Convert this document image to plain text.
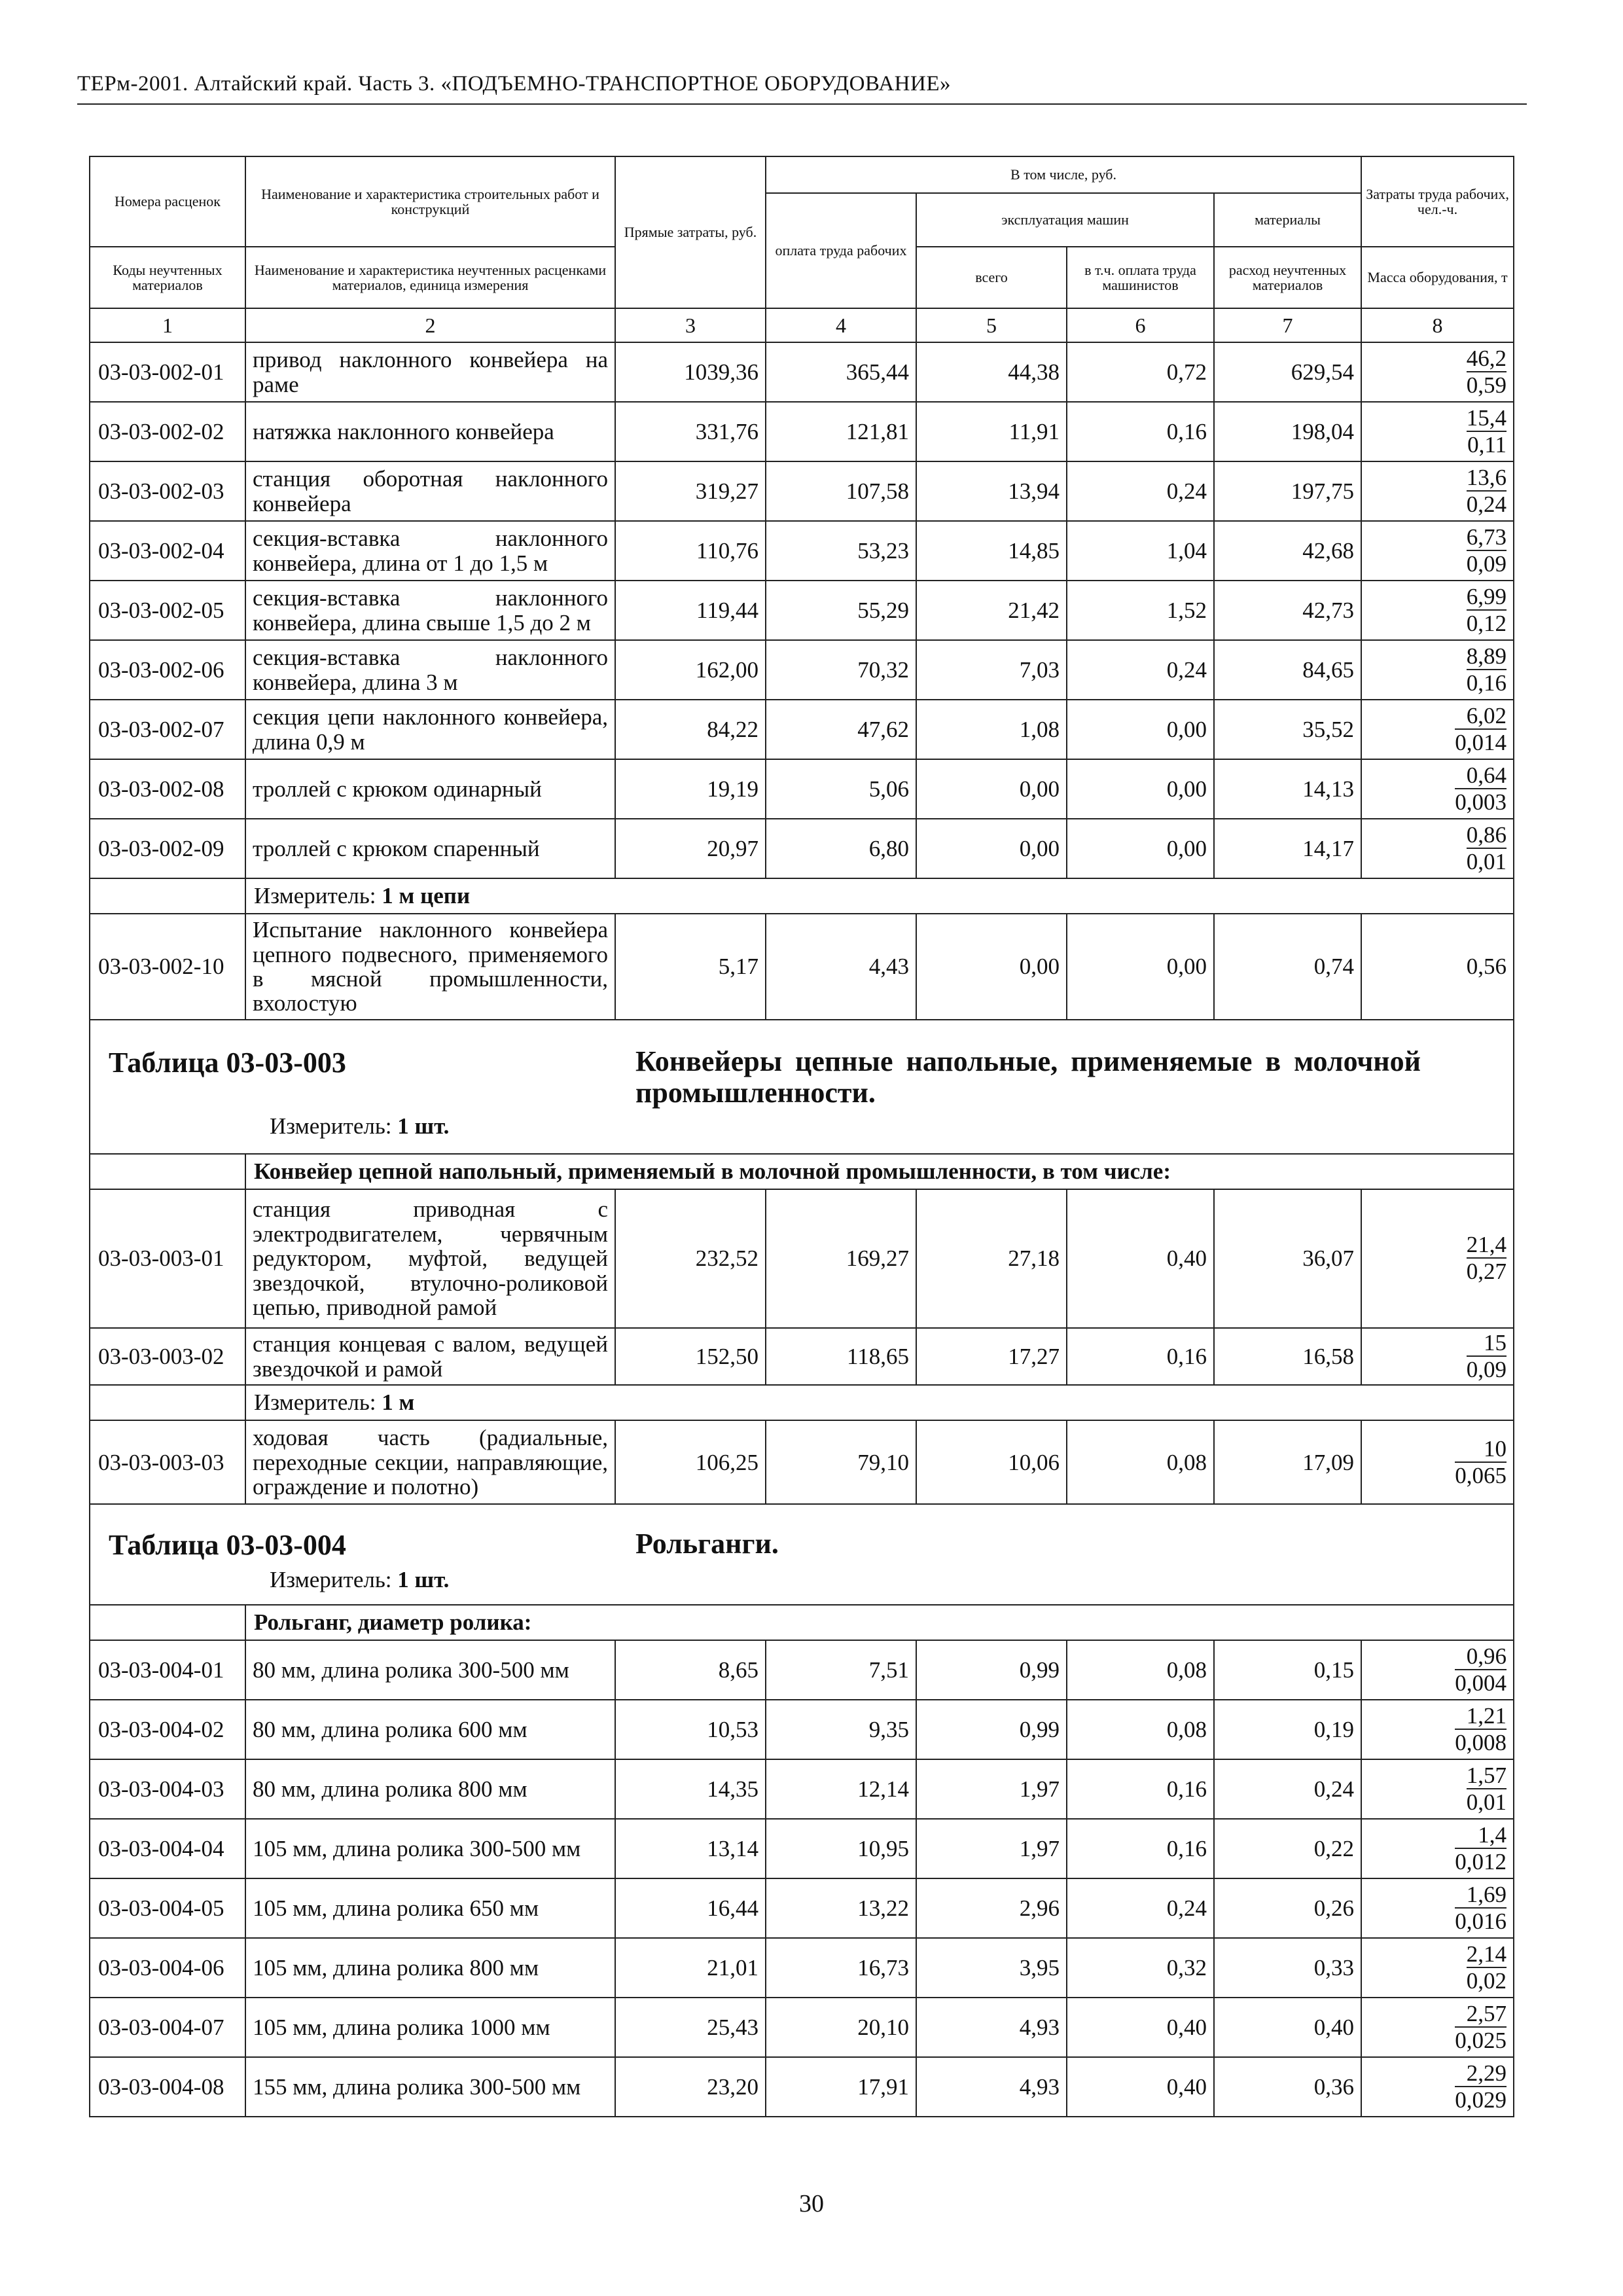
ТЕРм-2001. Алтайский край. Часть 3. «ПОДЪЕМНО-ТРАНСПОРТНОЕ ОБОРУДОВАНИЕ»
Номера расценок	Наименование и характеристика строительных работ и конструкций	Прямые затраты, руб.	В том числе, руб.				Затраты труда рабочих, чел.-ч.
			оплата труда рабочих	эксплуатация машин		материалы	
Коды неучтенных материалов	Наименование и характеристика неучтенных расценками материалов, единица измерения			всего	в т.ч. оплата труда машинистов	расход неучтенных материалов	Масса оборудования, т
1	2	3	4	5	6	7	8
03-03-002-01	привод наклонного конвейера на раме	1039,36	365,44	44,38	0,72	629,54	$\frac{46,2}{0,59}$

03-03-002-02	натяжка наклонного конвейера	331,76	121,81	11,91	0,16	198,04	$\frac{15,4}{0,11}$

03-03-002-03	станция оборотная наклонного конвейера	319,27	107,58	13,94	0,24	197,75	$\frac{13,6}{0,24}$

03-03-002-04	секция-вставка наклонного конвейера, длина от 1 до 1,5 м	110,76	53,23	14,85	1,04	42,68	$\frac{6,73}{0,09}$

03-03-002-05	секция-вставка наклонного конвейера, длина свыше 1,5 до 2 м	119,44	55,29	21,42	1,52	42,73	$\frac{6,99}{0,12}$

03-03-002-06	секция-вставка наклонного конвейера, длина 3 м	162,00	70,32	7,03	0,24	84,65	$\frac{8,89}{0,16}$

03-03-002-07	секция цепи наклонного конвейера, длина 0,9 м	84,22	47,62	1,08	0,00	35,52	$\frac{6,02}{0,014}$

03-03-002-08	троллей с крюком одинарный	19,19	5,06	0,00	0,00	14,13	$\frac{0,64}{0,003}$

03-03-002-09	троллей с крюком спаренный	20,97	6,80	0,00	0,00	14,17	$\frac{0,86}{0,01}$

	Измеритель: 1 м цепи						
03-03-002-10	Испытание наклонного конвейера цепного подвесного, применяемого в мясной промышленности, вхолостую	5,17	4,43	0,00	0,00	0,74	0,56

Таблица 03-03-003 Конвейеры цепные напольные, применяемые в молочной промышленности.
Измеритель: 1 шт.							

	Конвейер цепной напольный, применяемый в молочной промышленности, в том числе:						
03-03-003-01	станция приводная с электродвигателем, червячным редуктором, муфтой, ведущей звездочкой, втулочно-роликовой цепью, приводной рамой	232,52	169,27	27,18	0,40	36,07	$\frac{21,4}{0,27}$

03-03-003-02	станция концевая с валом, ведущей звездочкой и рамой	152,50	118,65	17,27	0,16	16,58	$\frac{15}{0,09}$

	Измеритель: 1 м						
03-03-003-03	ходовая часть (радиальные, переходные секции, направляющие, ограждение и полотно)	106,25	79,10	10,06	0,08	17,09	$\frac{10}{0,065}$

Таблица 03-03-004 Рольганги.
Измеритель: 1 шт.							

	Рольганг, диаметр ролика:						
03-03-004-01	80 мм, длина ролика 300-500 мм	8,65	7,51	0,99	0,08	0,15	$\frac{0,96}{0,004}$

03-03-004-02	80 мм, длина ролика 600 мм	10,53	9,35	0,99	0,08	0,19	$\frac{1,21}{0,008}$

03-03-004-03	80 мм, длина ролика 800 мм	14,35	12,14	1,97	0,16	0,24	$\frac{1,57}{0,01}$

03-03-004-04	105 мм, длина ролика 300-500 мм	13,14	10,95	1,97	0,16	0,22	$\frac{1,4}{0,012}$

03-03-004-05	105 мм, длина ролика 650 мм	16,44	13,22	2,96	0,24	0,26	$\frac{1,69}{0,016}$

03-03-004-06	105 мм, длина ролика 800 мм	21,01	16,73	3,95	0,32	0,33	$\frac{2,14}{0,02}$

03-03-004-07	105 мм, длина ролика 1000 мм	25,43	20,10	4,93	0,40	0,40	$\frac{2,57}{0,025}$

03-03-004-08	155 мм, длина ролика 300-500 мм	23,20	17,91	4,93	0,40	0,36	$\frac{2,29}{0,029}$
30
